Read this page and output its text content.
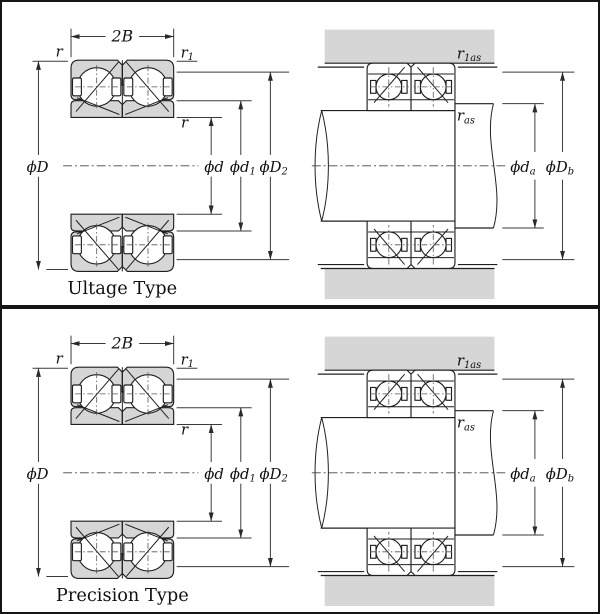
2B
r	$r_1$
ϕD
r
ϕd $\phi d_1$ $\phi D_2$
$r_{1as}$
$r_{as}$
$\phi d_a$ $\phi D_b$
Ultage Type
2B
r	$r_1$
ϕD
r
ϕd $\phi d_1$ $\phi D_2$
$r_{1as}$
$r_{as}$
$\phi d_a$ $\phi D_b$
Precision Type
